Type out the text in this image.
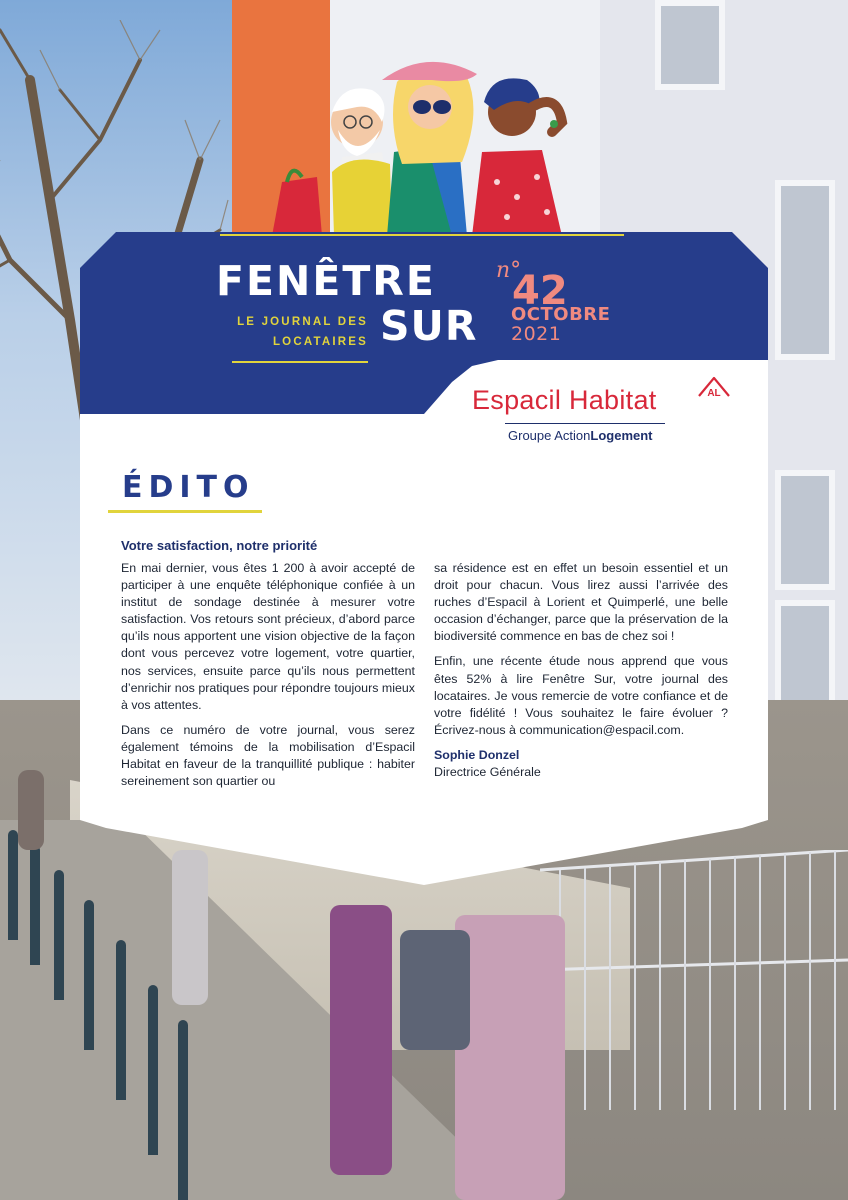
FENÊTRE
SUR
LE JOURNAL DES
LOCATAIRES
n°
42
OCTOBRE
2021
Espacil Habitat	AL
Groupe ActionLogement
ÉDITO
Votre satisfaction, notre priorité

En mai dernier, vous êtes 1 200 à avoir accepté de participer à une enquête téléphonique confiée à un institut de sondage destinée à mesurer votre satisfaction. Vos retours sont précieux, d’abord parce qu’ils nous apportent une vision objective de la façon dont vous percevez votre logement, votre quartier, nos services, ensuite parce qu’ils nous permettent d’enrichir nos pratiques pour répondre toujours mieux à vos attentes.

Dans ce numéro de votre journal, vous serez également témoins de la mobilisation d’Espacil Habitat en faveur de la tranquillité publique : habiter sereinement son quartier ou

sa résidence est en effet un besoin essentiel et un droit pour chacun. Vous lirez aussi l’arrivée des ruches d’Espacil à Lorient et Quimperlé, une belle occasion d’échanger, parce que la préservation de la biodiversité commence en bas de chez soi !

Enfin, une récente étude nous apprend que vous êtes 52% à lire Fenêtre Sur, votre journal des locataires. Je vous remercie de votre confiance et de votre fidélité ! Vous souhaitez le faire évoluer ? Écrivez-nous à communication@espacil.com.

Sophie Donzel
Directrice Générale
